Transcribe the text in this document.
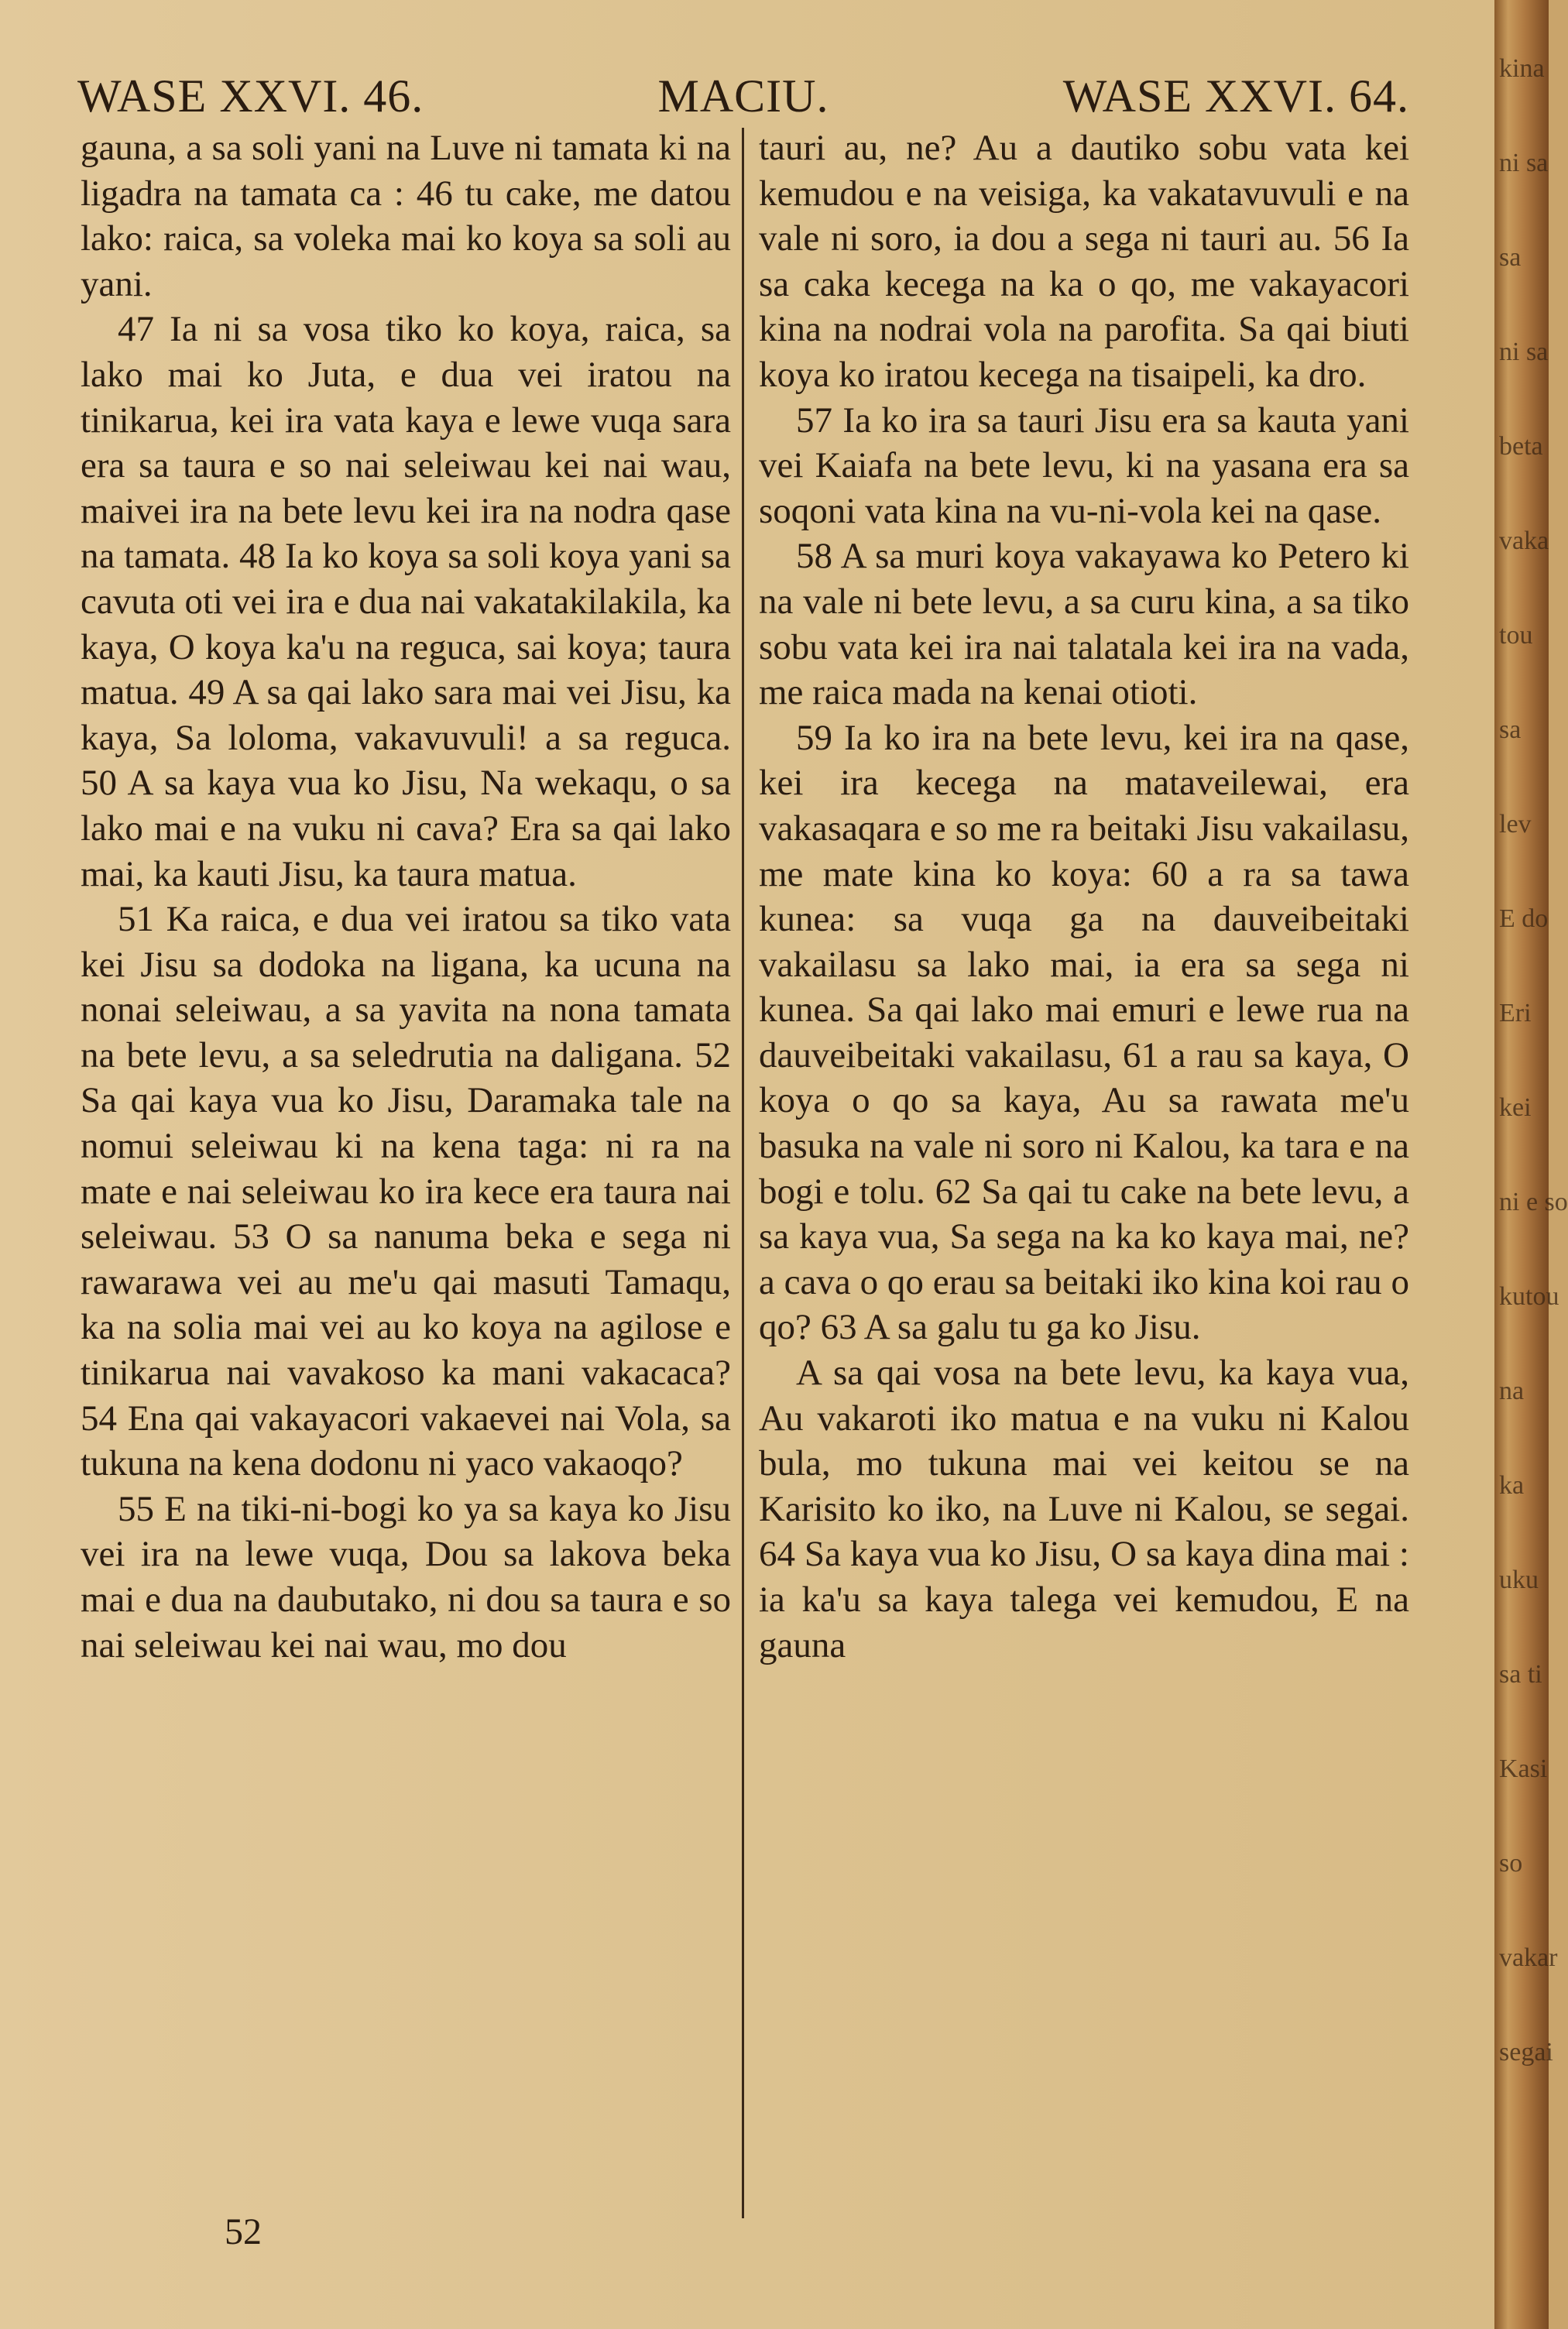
WASE XXVI. 46.	MACIU.	WASE XXVI. 64.

gauna, a sa soli yani na Luve ni tamata ki na ligadra na tamata ca : 46 tu cake, me datou lako: raica, sa voleka mai ko koya sa soli au yani.

47 Ia ni sa vosa tiko ko koya, raica, sa lako mai ko Juta, e dua vei iratou na tinikarua, kei ira vata kaya e lewe vuqa sara era sa taura e so nai seleiwau kei nai wau, maivei ira na bete levu kei ira na nodra qase na tamata. 48 Ia ko koya sa soli koya yani sa cavuta oti vei ira e dua nai vakatakilakila, ka kaya, O koya ka'u na reguca, sai koya; taura matua. 49 A sa qai lako sara mai vei Jisu, ka kaya, Sa loloma, vakavuvuli! a sa reguca. 50 A sa kaya vua ko Jisu, Na wekaqu, o sa lako mai e na vuku ni cava? Era sa qai lako mai, ka kauti Jisu, ka taura matua.

51 Ka raica, e dua vei iratou sa tiko vata kei Jisu sa dodoka na ligana, ka ucuna na nonai seleiwau, a sa yavita na nona tamata na bete levu, a sa seledrutia na daligana. 52 Sa qai kaya vua ko Jisu, Daramaka tale na nomui seleiwau ki na kena taga: ni ra na mate e nai seleiwau ko ira kece era taura nai seleiwau. 53 O sa nanuma beka e sega ni rawarawa vei au me'u qai masuti Tamaqu, ka na solia mai vei au ko koya na agilose e tinikarua nai vavakoso ka mani vakacaca? 54 Ena qai vakayacori vakaevei nai Vola, sa tukuna na kena dodonu ni yaco vakaoqo?

55 E na tiki-ni-bogi ko ya sa kaya ko Jisu vei ira na lewe vuqa, Dou sa lakova beka mai e dua na daubutako, ni dou sa taura e so nai seleiwau kei nai wau, mo dou

tauri au, ne? Au a dautiko sobu vata kei kemudou e na veisiga, ka vakatavuvuli e na vale ni soro, ia dou a sega ni tauri au. 56 Ia sa caka kecega na ka o qo, me vakayacori kina na nodrai vola na parofita. Sa qai biuti koya ko iratou kecega na tisaipeli, ka dro.

57 Ia ko ira sa tauri Jisu era sa kauta yani vei Kaiafa na bete levu, ki na yasana era sa soqoni vata kina na vu-ni-vola kei na qase.

58 A sa muri koya vakayawa ko Petero ki na vale ni bete levu, a sa curu kina, a sa tiko sobu vata kei ira nai talatala kei ira na vada, me raica mada na kenai otioti.

59 Ia ko ira na bete levu, kei ira na qase, kei ira kecega na mataveilewai, era vakasaqara e so me ra beitaki Jisu vakailasu, me mate kina ko koya: 60 a ra sa tawa kunea: sa vuqa ga na dauveibeitaki vakailasu sa lako mai, ia era sa sega ni kunea. Sa qai lako mai emuri e lewe rua na dauveibeitaki vakailasu, 61 a rau sa kaya, O koya o qo sa kaya, Au sa rawata me'u basuka na vale ni soro ni Kalou, ka tara e na bogi e tolu. 62 Sa qai tu cake na bete levu, a sa kaya vua, Sa sega na ka ko kaya mai, ne? a cava o qo erau sa beitaki iko kina koi rau o qo? 63 A sa galu tu ga ko Jisu.

A sa qai vosa na bete levu, ka kaya vua, Au vakaroti iko matua e na vuku ni Kalou bula, mo tukuna mai vei keitou se na Karisito ko iko, na Luve ni Kalou, se segai. 64 Sa kaya vua ko Jisu, O sa kaya dina mai : ia ka'u sa kaya talega vei kemudou, E na gauna

52
kina
ni sa
sa
ni sa
beta
vaka
tou
sa
lev
E do
Eri
kei
ni e so
kutou
na
ka
uku
sa ti
Kasi
so
vakar
segai
